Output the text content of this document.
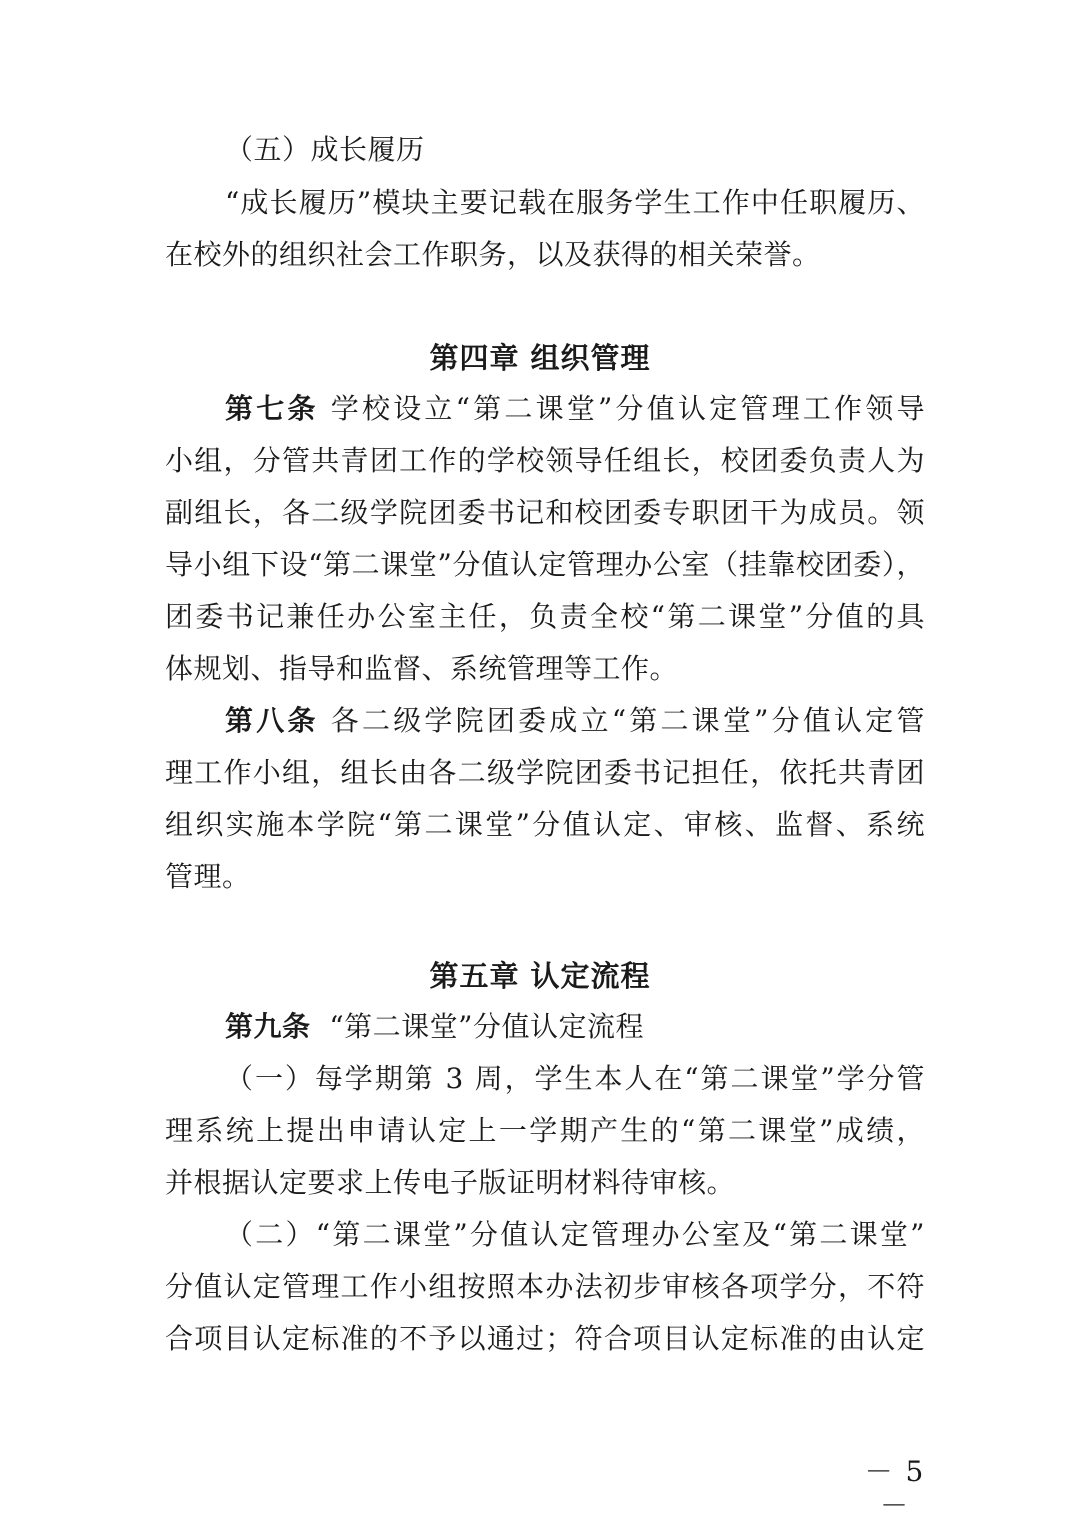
（五）成长履历
“成长履历”模块主要记载在服务学生工作中任职履历、
在校外的组织社会工作职务，以及获得的相关荣誉。
第四章 组织管理
第七条 学校设立“第二课堂”分值认定管理工作领导
小组，分管共青团工作的学校领导任组长，校团委负责人为
副组长，各二级学院团委书记和校团委专职团干为成员。领
导小组下设“第二课堂”分值认定管理办公室（挂靠校团委），
团委书记兼任办公室主任，负责全校“第二课堂”分值的具
体规划、指导和监督、系统管理等工作。
第八条 各二级学院团委成立“第二课堂”分值认定管
理工作小组，组长由各二级学院团委书记担任，依托共青团
组织实施本学院“第二课堂”分值认定、审核、监督、系统
管理。
第五章 认定流程
第九条 “第二课堂”分值认定流程
（一）每学期第 3 周，学生本人在“第二课堂”学分管
理系统上提出申请认定上一学期产生的“第二课堂”成绩，
并根据认定要求上传电子版证明材料待审核。
（二）“第二课堂”分值认定管理办公室及“第二课堂”
分值认定管理工作小组按照本办法初步审核各项学分，不符
合项目认定标准的不予以通过；符合项目认定标准的由认定
－ 5 －
